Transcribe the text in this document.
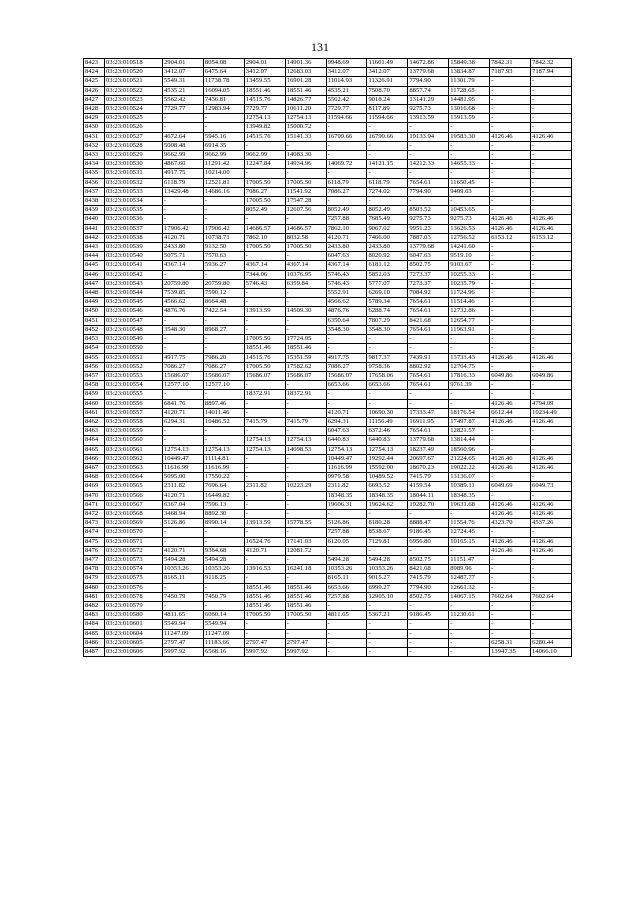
131
8423	03:23:010518	2904.01	8054.08	2904.01	14901.36	9948.69	11601.49	14672.86	15849.38	7842.31	7842.32
8424	03:23:010520	3412.07	6475.64	3412.07	12683.03	3412.07	3412.07	13779.68	13834.87	7187.93	7187.94
8425	03:23:010521	5549.31	11738.78	13459.55	16901.28	11014.93	11326.91	7794.90	11301.79	-	-
8426	03:23:010522	4535.21	16094.05	18551.46	18551.46	4535.21	7508.70	8857.74	11728.65	-	-
8427	03:23:010523	5562.42	7436.81	14515.76	14826.77	5562.42	9018.24	13141.29	14481.95	-	-
8428	03:23:010524	7729.77	12983.94	7729.77	10611.20	7729.77	8117.89	9275.73	13016.68	-	-
8429	03:23:010525	-	-	12754.13	12754.13	11594.66	11594.66	13913.59	13913.59	-	-
8430	03:23:010526	-	-	13949.82	15000.72	-	-	-	-	-	-
8431	03:23:010527	4672.64	5945.16	14515.76	15141.33	16799.66	16799.66	19133.94	19583.30	4126.46	4126.46
8432	03:23:010528	5008.48	6914.35	-	-	-	-	-	-	-	-
8433	03:23:010529	9662.99	9662.99	9662.99	14083.30	-	-	-	-	-	-
8434	03:23:010530	4867.60	11291.42	12247.84	14934.96	14069.72	14121.15	14212.33	14655.33	-	-
8435	03:23:010531	4917.75	10214.00	-	-	-	-	-	-	-	-
8436	03:23:010532	6118.79	12521.81	17005.50	17005.50	6118.79	6118.79	7654.61	11650.45	-	-
8437	03:23:010533	13429.48	14686.16	7086.27	11541.92	7086.27	7274.02	7794.90	9409.63	-	-
8438	03:23:010534	-	-	17005.50	17547.28	-	-	-	-	-	-
8439	03:23:010535	-	-	8052.49	12607.56	8052.49	8052.49	8503.52	10453.65	-	-
8440	03:23:010536	-	-	-	-	7257.88	7685.49	9275.73	9275.73	4126.46	4126.46
8441	03:23:010537	17906.42	17906.42	14686.57	14686.57	7862.10	9067.02	9951.23	13626.53	4126.46	4126.46
8442	03:23:010538	4120.71	10738.71	7862.10	8032.58	4120.71	7466.00	7887.03	12756.52	6153.12	6153.12
8443	03:23:010539	2433.80	9132.50	17005.50	17005.50	2433.80	2433.80	13779.68	14241.60	-	-
8444	03:23:010540	5075.71	7570.63	-	-	6047.63	8020.92	6047.63	9519.10	-	-
8445	03:23:010541	4367.14	5936.27	4367.14	4367.14	4367.14	6181.12	8502.75	9103.67	-	-
8446	03:23:010542	-	-	7344.06	10376.95	5746.43	5852.03	7273.37	10255.33	-	-
8447	03:23:010543	20759.80	20759.80	5746.43	6359.84	5746.43	5777.07	7273.37	10235.79	-	-
8448	03:23:010544	7539.85	7590.12	-	-	5552.91	6269.10	7084.92	11724.96	-	-
8449	03:23:010545	4566.62	8664.48	-	-	4566.62	5789.34	7654.61	11514.46	-	-
8450	03:23:010546	4876.76	7422.54	13913.59	14509.30	4876.76	6288.74	7654.61	12732.86	-	-
8451	03:23:010547	-	-	-	-	6350.64	7807.29	8421.68	12654.77	-	-
8452	03:23:010548	3548.30	8968.27	-	-	3548.30	3548.30	7654.61	11963.91	-	-
8453	03:23:010549	-	-	17005.50	17724.05	-	-	-	-	-	-
8454	03:23:010550	-	-	18551.46	18551.46	-	-	-	-	-	-
8455	03:23:010551	4917.75	7986.20	14515.76	15351.59	4917.75	9817.37	7439.91	13733.43	4126.46	4126.46
8456	03:23:010552	7086.27	7086.27	17005.50	17582.62	7086.27	9758.36	8802.92	12764.75	-	-
8457	03:23:010553	15686.07	15686.07	15686.07	15686.07	15686.07	17658.06	7654.61	17816.33	6049.86	6049.86
8458	03:23:010554	12577.10	12577.10	-	-	6653.66	6653.66	7654.61	9761.39	-	-
8459	03:23:010555	-	-	18372.91	18372.91	-	-	-	-	-	-
8460	03:23:010556	6841.76	8897.46	-	-	-	-	-	-	4126.46	4794.09
8461	03:23:010557	4120.71	14011.46	-	-	4120.71	10690.30	17333.47	18176.54	6612.44	10234.49
8462	03:23:010558	6294.31	10486.52	7415.79	7415.79	6294.31	11156.49	16911.95	17497.87	4126.46	4126.46
8463	03:23:010559	-	-	-	-	6047.63	6372.46	7654.61	12821.57	-	-
8464	03:23:010560	-	-	12754.13	12754.13	6440.83	6440.83	13779.68	13814.44	-	-
8465	03:23:010561	12754.13	12754.13	12754.13	14098.53	12754.13	12754.13	18237.49	18560.96	-	-
8466	03:23:010562	10449.47	11114.81	-	-	10449.47	19292.44	20697.67	21224.65	4126.46	4126.46
8467	03:23:010563	11616.99	11616.99	-	-	11616.99	15592.00	18670.23	19022.22	4126.46	4126.46
8468	03:23:010564	5095.00	17550.22	-	-	9979.58	10489.52	7415.79	13136.07	-	-
8469	03:23:010565	2311.82	7696.64	2311.82	10223.29	2311.82	6693.52	4159.54	10389.11	6049.69	6049.73
8470	03:23:010566	4120.71	16449.82	-	-	18348.35	18348.35	18044.11	18348.35	-	-
8471	03:23:010567	6367.04	7596.13	-	-	19606.31	19624.62	19282.70	19631.68	4126.46	4126.46
8472	03:23:010568	3468.94	8892.30	-	-	-	-	-	-	4126.46	4126.46
8473	03:23:010569	5126.86	8990.14	13913.59	15778.55	5126.86	8180.28	8888.47	11554.76	4323.70	4537.26
8474	03:23:010570	-	-	-	-	7257.88	8538.67	9186.45	12724.45	-	-
8475	03:23:010571	-	-	16524.76	17141.03	6120.05	7129.81	6956.80	10165.15	4126.46	4126.46
8476	03:23:010572	4120.71	9364.68	4120.71	12081.72	-	-	-	-	4126.46	4126.46
8477	03:23:010573	5494.28	5494.28	-	-	5494.28	5494.28	8502.75	11151.47	-	-
8478	03:23:010574	10353.26	10353.26	13916.53	16241.18	10353.26	10353.26	8421.68	8989.96	-	-
8479	03:23:010575	8165.11	9118.25	-	-	8165.11	9015.27	7415.79	12487.77	-	-
8480	03:23:010576	-	-	18551.46	18551.46	6653.66	6999.27	7794.90	12661.32	-	-
8481	03:23:010578	7450.79	7450.79	18551.46	18551.46	7257.88	12905.10	8502.75	14067.15	7602.64	7602.64
8482	03:23:010579	-	-	18551.46	18551.46	-	-	-	-	-	-
8483	03:23:010580	4811.65	6060.14	17005.50	17005.50	4811.65	5367.21	9186.45	11230.61	-	-
8484	03:23:010601	5549.94	5549.94	-	-	-	-	-	-	-	-
8485	03:23:010604	11247.09	11247.09	-	-	-	-	-	-	-	-
8486	03:23:010605	2797.47	11183.66	2797.47	2797.47	-	-	-	-	6258.31	6280.44
8487	03:23:010606	5997.92	6568.16	5997.92	5997.92	-	-	-	-	13947.35	14066.10
